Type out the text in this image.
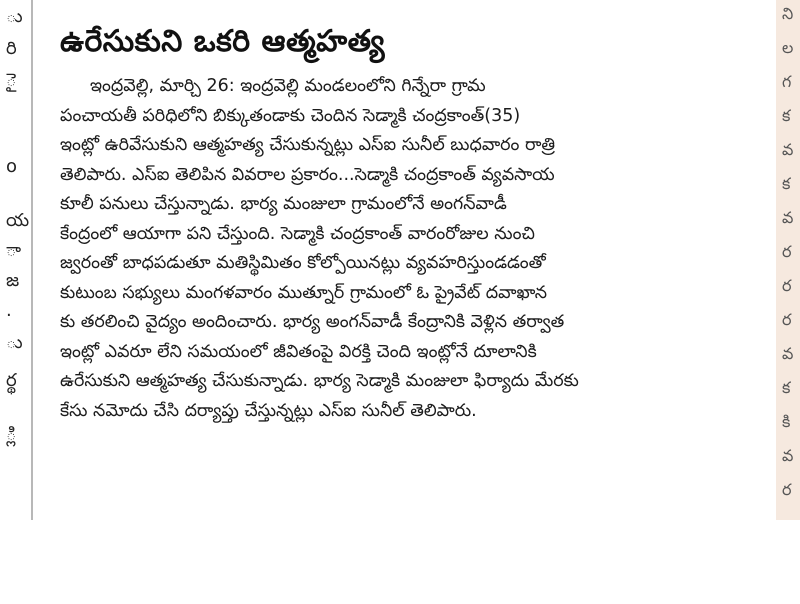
ు
రి
ై
o
య
ా
జ
.
ు
ర్థ
్లి
ఉరేసుకుని ఒకరి ఆత్మహత్య
ఇంద్రవెల్లి, మార్చి 26: ఇంద్రవెల్లి మండలంలోని గిన్నేరా గ్రామ
పంచాయతీ పరిధిలోని బిక్కుతండాకు చెందిన సెడ్మాకి చంద్రకాంత్(35)
ఇంట్లో ఉరివేసుకుని ఆత్మహత్య చేసుకున్నట్లు ఎస్ఐ సునీల్ బుధవారం రాత్రి
తెలిపారు. ఎస్ఐ తెలిపిన వివరాల ప్రకారం...సెడ్మాకి చంద్రకాంత్ వ్యవసాయ
కూలీ పనులు చేస్తున్నాడు. భార్య మంజులా గ్రామంలోనే అంగన్‌వాడీ
కేంద్రంలో ఆయాగా పని చేస్తుంది. సెడ్మాకి చంద్రకాంత్ వారంరోజుల నుంచి
జ్వరంతో బాధపడుతూ మతిస్థిమితం కోల్పోయినట్లు వ్యవహరిస్తుండడంతో
కుటుంబ సభ్యులు మంగళవారం ముత్నూర్ గ్రామంలో ఓ ప్రైవేట్ దవాఖాన
కు తరలించి వైద్యం అందించారు. భార్య అంగన్‌వాడీ కేంద్రానికి వెళ్లిన తర్వాత
ఇంట్లో ఎవరూ లేని సమయంలో జీవితంపై విరక్తి చెంది ఇంట్లోనే దూలానికి
ఉరేసుకుని ఆత్మహత్య చేసుకున్నాడు. భార్య సెడ్మాకి మంజులా ఫిర్యాదు మేరకు
కేసు నమోదు చేసి దర్యాప్తు చేస్తున్నట్లు ఎస్ఐ సునీల్ తెలిపారు.
ని
ల
గ
క
వ
క
వ
ర
ర
ర
వ
క
కి
వ
ర
